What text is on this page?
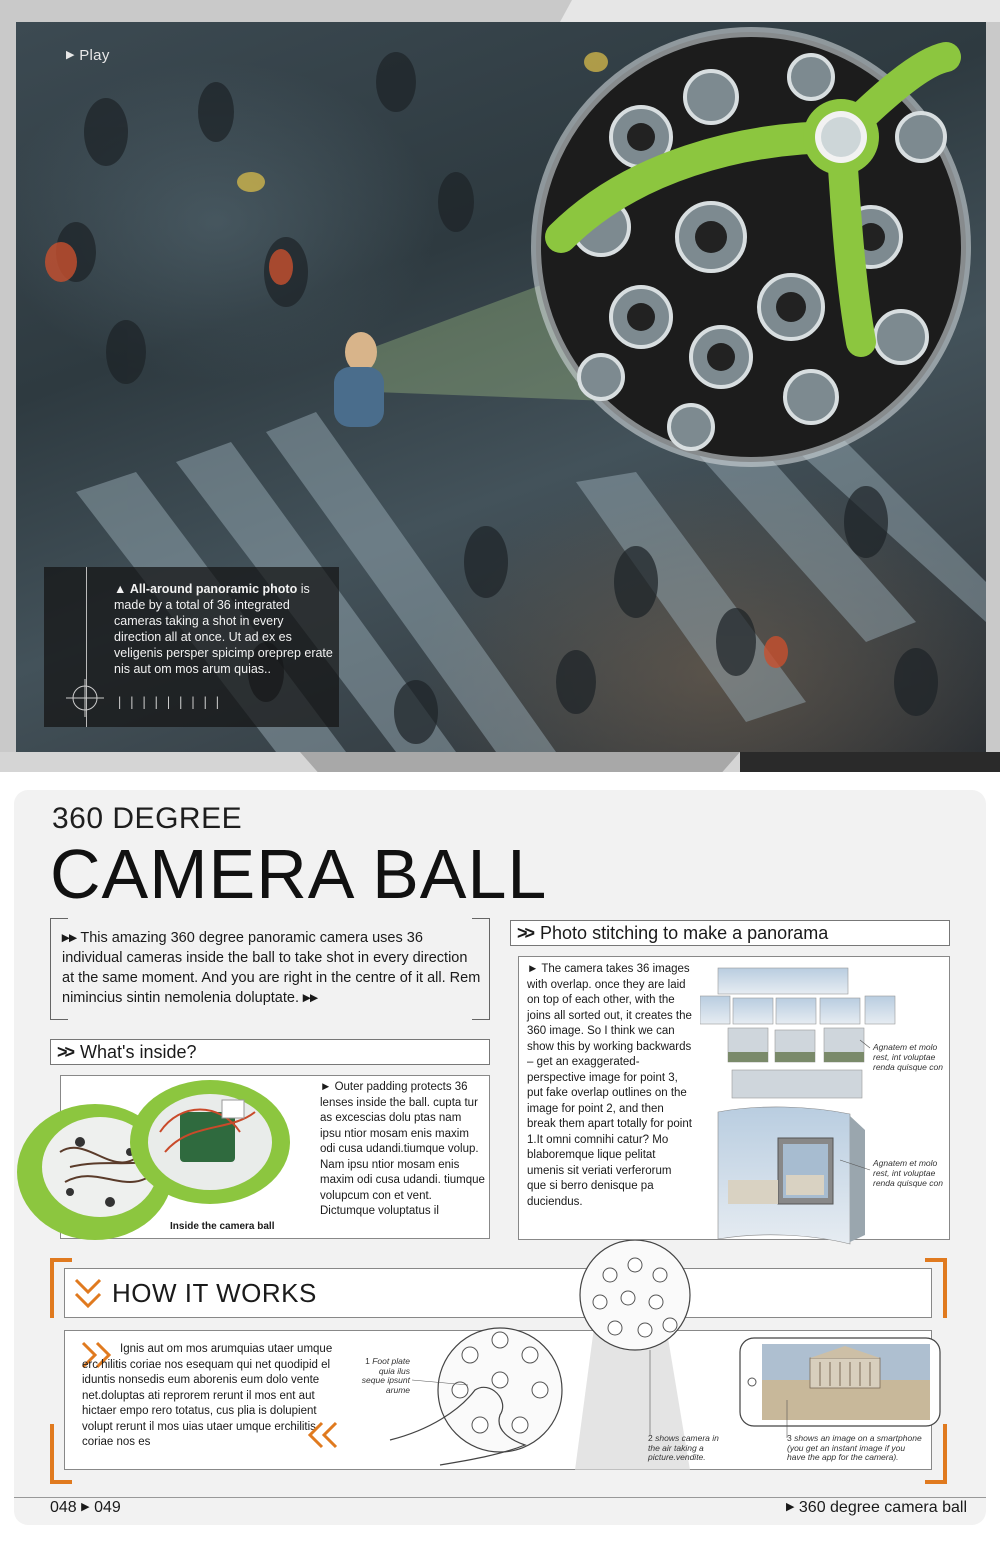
▶ Play
▲ All-around panoramic photo is made by a total of 36 integrated cameras taking a shot in every direction all at once. Ut ad ex es veligenis persper spicimp oreprep erate nis aut om mos arum quias..
|||||||||
360 DEGREE
CAMERA BALL
▸▸ This amazing 360 degree panoramic camera uses 36 individual cameras inside the ball to take shot in every direction at the same moment. And you are right in the centre of it all. Rem nimincius sintin nemolenia doluptate. ▸▸
>> What's inside?
► Outer padding protects 36 lenses inside the ball. cupta tur as excescias dolu ptas nam ipsu ntior mosam enis maxim odi cusa udandi.tiumque volup. Nam ipsu ntior mosam enis maxim odi cusa udandi. tiumque volupcum con et vent. Dictumque voluptatus il
Inside the camera ball
>> Photo stitching to make a panorama
► The camera takes 36 images with overlap. once they are laid on top of each other, with the joins all sorted out, it creates the 360 image. So I think we can show this by working backwards – get an exaggerated-perspective image for point 3, put fake overlap outlines on the image for point 2, and then break them apart totally for point 1.It omni comnihi catur? Mo blaboremque lique pelitat umenis sit veriati verferorum que si berro denisque pa duciendus.
Agnatem et molo rest, int voluptae renda quisque con
Agnatem et molo rest, int voluptae renda quisque con
HOW IT WORKS
Ignis aut om mos arumquias utaer umque erc hilitis coriae nos esequam qui net quodipid el iduntis nonsedis eum aborenis eum dolo vente net.doluptas ati reprorem rerunt il mos ent aut hictaer empo rero totatus, cus plia is dolupient volupt rerunt il mos uias utaer umque erchilitis coriae nos es
1 Foot plate quia ilus seque ipsunt arume
2 shows camera in the air taking a picture.vendite.
3 shows an image on a smartphone (you get an instant image if you have the app for the camera).
048 ▶ 049	▶ 360 degree camera ball
